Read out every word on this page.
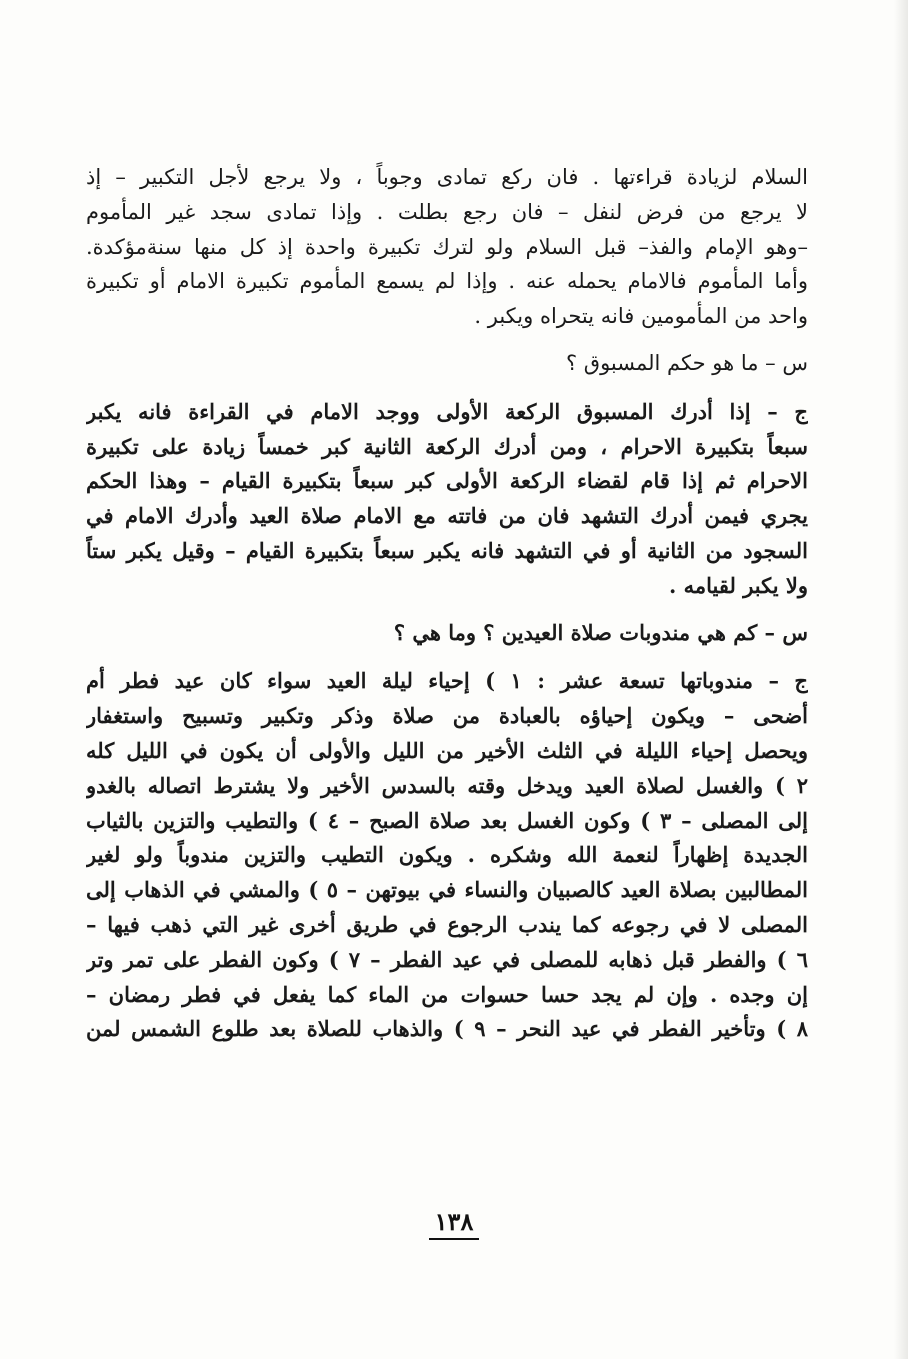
السلام لزيادة قراءتها . فان ركع تمادى وجوباً ، ولا يرجع لأجل التكبير – إذ
لا يرجع من فرض لنفل – فان رجع بطلت . وإذا تمادى سجد غير المأموم
–وهو الإمام والفذ– قبل السلام ولو لترك تكبيرة واحدة إذ كل منها سنةمؤكدة.
وأما المأموم فالامام يحمله عنه . وإذا لم يسمع المأموم تكبيرة الامام أو تكبيرة
واحد من المأمومين فانه يتحراه ويكبر .
س – ما هو حكم المسبوق ؟
ج – إذا أدرك المسبوق الركعة الأولى ووجد الامام في القراءة فانه يكبر
سبعاً بتكبيرة الاحرام ، ومن أدرك الركعة الثانية كبر خمساً زيادة على تكبيرة
الاحرام ثم إذا قام لقضاء الركعة الأولى كبر سبعاً بتكبيرة القيام – وهذا الحكم
يجري فيمن أدرك التشهد فان من فاتته مع الامام صلاة العيد وأدرك الامام في
السجود من الثانية أو في التشهد فانه يكبر سبعاً بتكبيرة القيام – وقيل يكبر ستاً
ولا يكبر لقيامه .
س – كم هي مندوبات صلاة العيدين ؟ وما هي ؟
ج – مندوباتها تسعة عشر : ١ ) إحياء ليلة العيد سواء كان عيد فطر أم
أضحى – ويكون إحياؤه بالعبادة من صلاة وذكر وتكبير وتسبيح واستغفار
ويحصل إحياء الليلة في الثلث الأخير من الليل والأولى أن يكون في الليل كله
٢ ) والغسل لصلاة العيد ويدخل وقته بالسدس الأخير ولا يشترط اتصاله بالغدو
إلى المصلى – ٣ ) وكون الغسل بعد صلاة الصبح – ٤ ) والتطيب والتزين بالثياب
الجديدة إظهاراً لنعمة الله وشكره . ويكون التطيب والتزين مندوباً ولو لغير
المطالبين بصلاة العيد كالصبيان والنساء في بيوتهن – ٥ ) والمشي في الذهاب إلى
المصلى لا في رجوعه كما يندب الرجوع في طريق أخرى غير التي ذهب فيها –
٦ ) والفطر قبل ذهابه للمصلى في عيد الفطر – ٧ ) وكون الفطر على تمر وتر
إن وجده . وإن لم يجد حسا حسوات من الماء كما يفعل في فطر رمضان –
٨ ) وتأخير الفطر في عيد النحر – ٩ ) والذهاب للصلاة بعد طلوع الشمس لمن
١٣٨
